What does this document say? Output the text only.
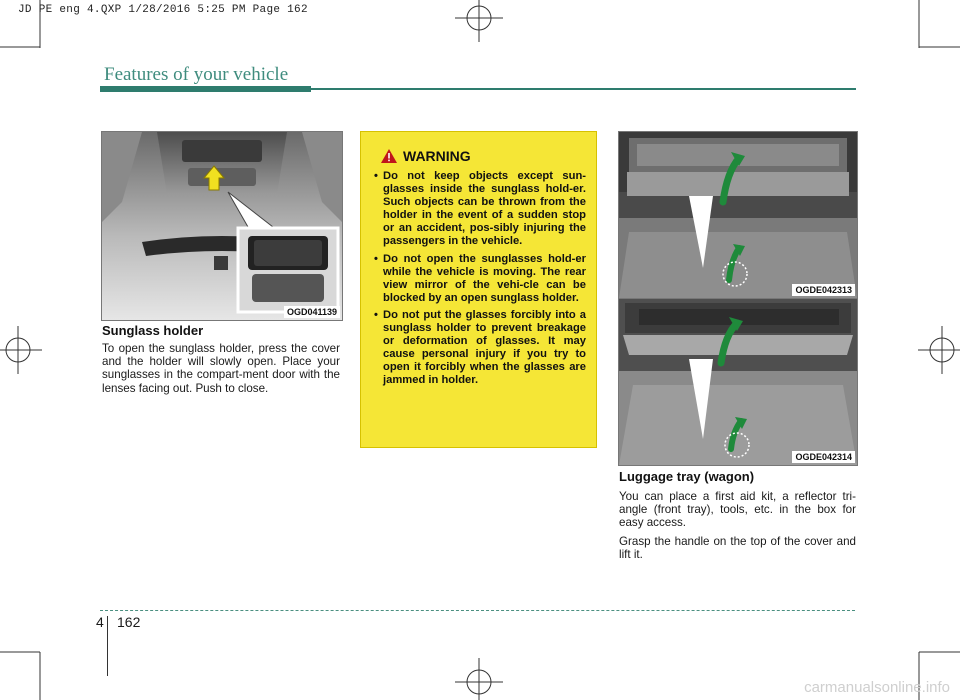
JD PE eng 4.QXP 1/28/2016 5:25 PM Page 162
Features of your vehicle
OGD041139
Sunglass holder
To open the sunglass holder, press the cover and the holder will slowly open. Place your sunglasses in the compart-ment door with the lenses facing out. Push to close.
WARNING
• Do not keep objects except sun-glasses inside the sunglass hold-er. Such objects can be thrown from the holder in the event of a sudden stop or an accident, pos-sibly injuring the passengers in the vehicle.
• Do not open the sunglasses hold-er while the vehicle is moving. The rear view mirror of the vehi-cle can be blocked by an open sunglass holder.
• Do not put the glasses forcibly into a sunglass holder to prevent breakage or deformation of glasses. It may cause personal injury if you try to open it forcibly when the glasses are jammed in holder.
OGDE042313
OGDE042314
Luggage tray (wagon)
You can place a first aid kit, a reflector tri-angle (front tray), tools, etc. in the box for easy access.
Grasp the handle on the top of the cover and lift it.
4 162
carmanualsonline.info
